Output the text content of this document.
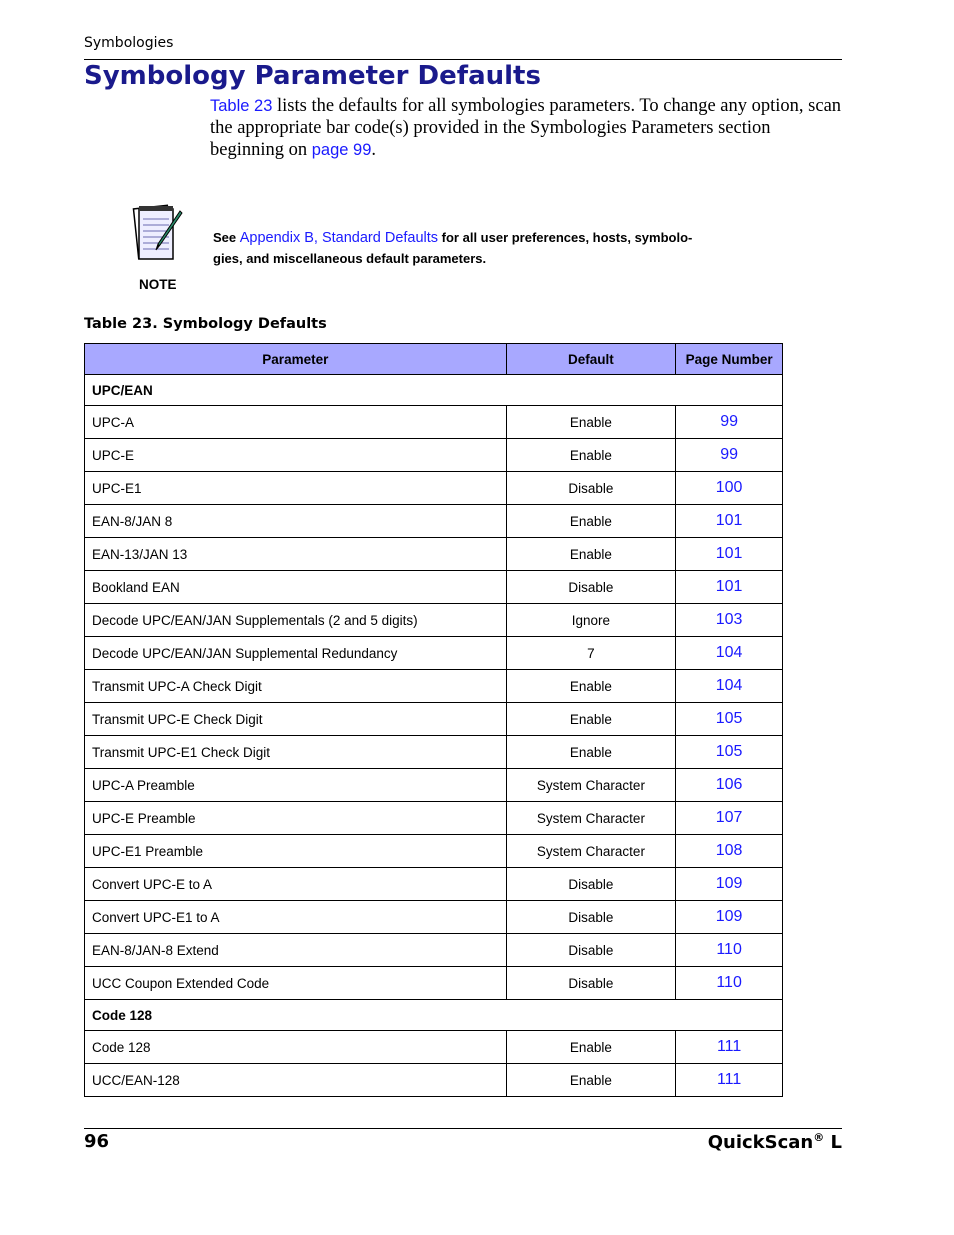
Symbologies
Symbology Parameter Defaults
Table 23 lists the defaults for all symbologies parameters. To change any option, scan the appropriate bar code(s) provided in the Symbologies Parameters section beginning on page 99.
See Appendix B, Standard Defaults for all user preferences, hosts, symbolo-gies, and miscellaneous default parameters.
NOTE
Table 23. Symbology Defaults
Parameter	Default	Page Number
UPC/EAN		
UPC-A	Enable	99
UPC-E	Enable	99
UPC-E1	Disable	100
EAN-8/JAN 8	Enable	101
EAN-13/JAN 13	Enable	101
Bookland EAN	Disable	101
Decode UPC/EAN/JAN Supplementals (2 and 5 digits)	Ignore	103
Decode UPC/EAN/JAN Supplemental Redundancy	7	104
Transmit UPC-A Check Digit	Enable	104
Transmit UPC-E Check Digit	Enable	105
Transmit UPC-E1 Check Digit	Enable	105
UPC-A Preamble	System Character	106
UPC-E Preamble	System Character	107
UPC-E1 Preamble	System Character	108
Convert UPC-E to A	Disable	109
Convert UPC-E1 to A	Disable	109
EAN-8/JAN-8 Extend	Disable	110
UCC Coupon Extended Code	Disable	110
Code 128		
Code 128	Enable	111
UCC/EAN-128	Enable	111
96	QuickScan® L
